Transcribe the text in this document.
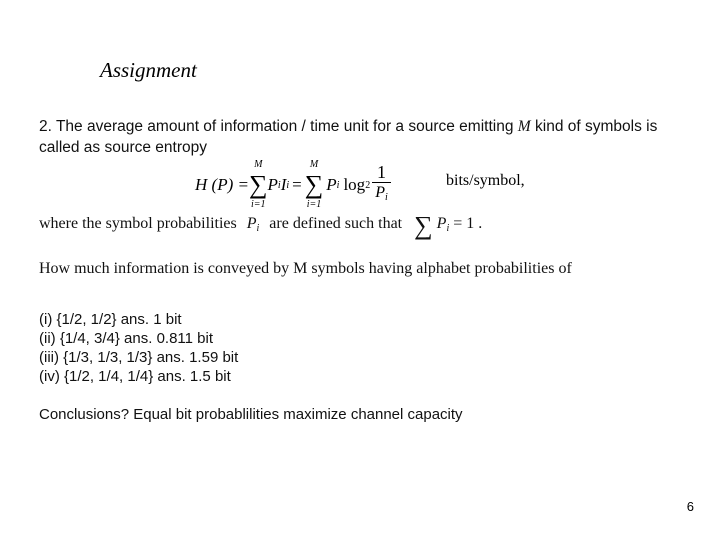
Assignment
2. The average amount of information / time unit for a source emitting M kind of symbols is called as source entropy
H (P) = ∑
M
i=1
P i I i = ∑
M
i=1
P i $\log 2 \frac{1}{P_i}$	bits/symbol,
where the symbol probabilities $P_i$ are defined such that ∑ $P_i = 1$ .
How much information is conveyed by M symbols having alphabet probabilities of
(i) {1/2, 1/2} ans. 1 bit
(ii) {1/4, 3/4} ans. 0.811 bit
(iii) {1/3, 1/3, 1/3} ans. 1.59 bit
(iv) {1/2, 1/4, 1/4} ans. 1.5 bit
Conclusions? Equal bit probablilities maximize channel capacity
6
